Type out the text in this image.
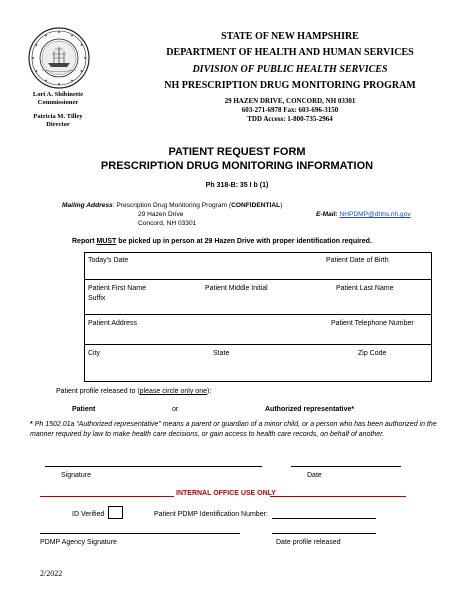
Lori A. Shibinette
Commissioner
Patricia M. Tilley
Director
STATE OF NEW HAMPSHIRE
DEPARTMENT OF HEALTH AND HUMAN SERVICES
DIVISION OF PUBLIC HEALTH SERVICES
NH PRESCRIPTION DRUG MONITORING PROGRAM
29 HAZEN DRIVE, CONCORD, NH 03301
603-271-6978 Fax: 603-696-3150
TDD Access: 1-800-735-2964
PATIENT REQUEST FORM
PRESCRIPTION DRUG MONITORING INFORMATION
Ph 318-B: 35 I b (1)
Mailing Address: Prescription Drug Monitoring Program (CONFIDENTIAL)
29 Hazen Drive
Concord, NH 03301
E-Mail: NHPDMP@dhhs.nh.gov
Report MUST be picked up in person at 29 Hazen Drive with proper identification required.
Today's Date	Patient Date of Birth
Patient First Name	Patient Middle Initial	Patient Last Name
Suffix
Patient Address	Patient Telephone Number
City	State	Zip Code
Patient profile released to (please circle only one):
Patient	or	Authorized representative*
* Ph 1502.01a “Authorized representative” means a parent or guardian of a minor child, or a person who has been authorized in the manner required by law to make health care decisions, or gain access to health care records, on behalf of another.
Signature	Date
INTERNAL OFFICE USE ONLY
ID Verified	Patient PDMP Identification Number:
PDMP Agency Signature	Date profile released
2/2022
